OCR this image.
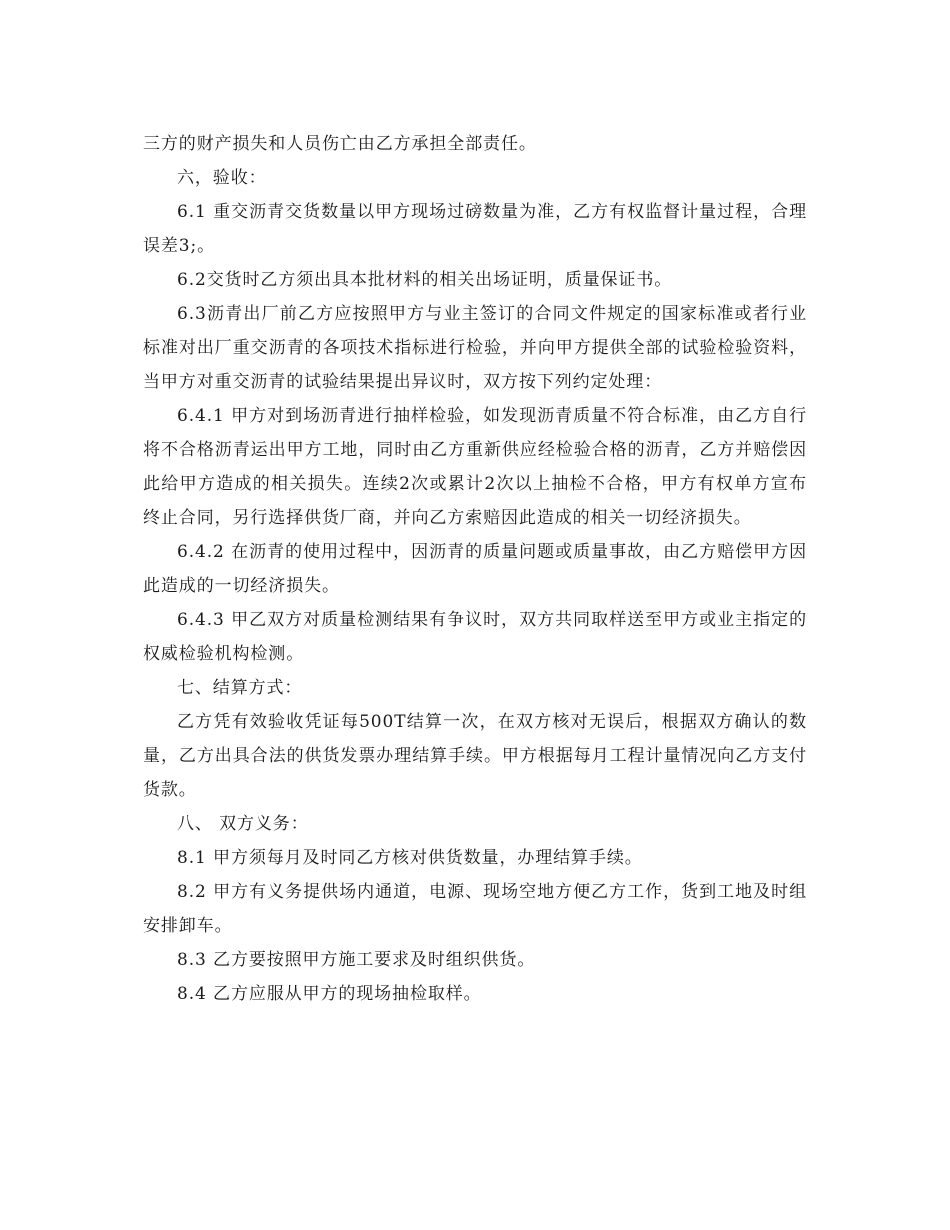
三方的财产损失和人员伤亡由乙方承担全部责任。

六，验收：

6.1 重交沥青交货数量以甲方现场过磅数量为准，乙方有权监督计量过程，合理误差3;。

6.2交货时乙方须出具本批材料的相关出场证明，质量保证书。

6.3沥青出厂前乙方应按照甲方与业主签订的合同文件规定的国家标准或者行业标准对出厂重交沥青的各项技术指标进行检验，并向甲方提供全部的试验检验资料，当甲方对重交沥青的试验结果提出异议时，双方按下列约定处理：

6.4.1 甲方对到场沥青进行抽样检验，如发现沥青质量不符合标准，由乙方自行将不合格沥青运出甲方工地，同时由乙方重新供应经检验合格的沥青，乙方并赔偿因此给甲方造成的相关损失。连续2次或累计2次以上抽检不合格，甲方有权单方宣布终止合同，另行选择供货厂商，并向乙方索赔因此造成的相关一切经济损失。

6.4.2 在沥青的使用过程中，因沥青的质量问题或质量事故，由乙方赔偿甲方因此造成的一切经济损失。

6.4.3 甲乙双方对质量检测结果有争议时，双方共同取样送至甲方或业主指定的权威检验机构检测。

七、结算方式：

乙方凭有效验收凭证每500T结算一次，在双方核对无误后，根据双方确认的数量，乙方出具合法的供货发票办理结算手续。甲方根据每月工程计量情况向乙方支付货款。

八、 双方义务：

8.1 甲方须每月及时同乙方核对供货数量，办理结算手续。

8.2 甲方有义务提供场内通道，电源、现场空地方便乙方工作，货到工地及时组安排卸车。

8.3 乙方要按照甲方施工要求及时组织供货。

8.4 乙方应服从甲方的现场抽检取样。
